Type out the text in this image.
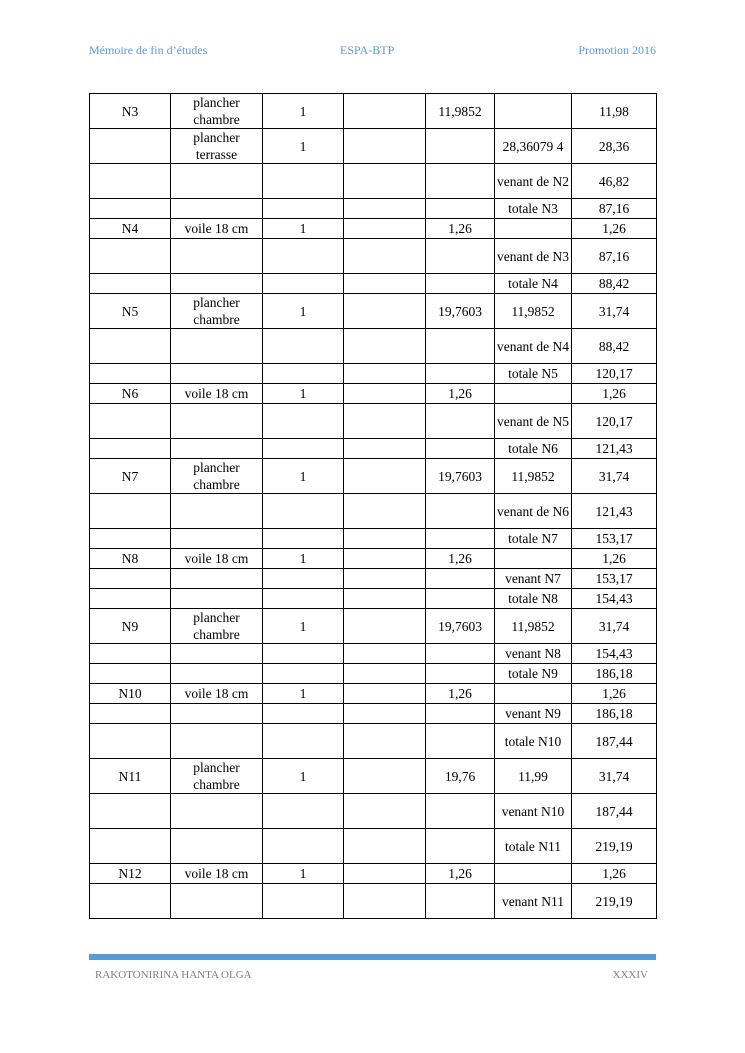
Mémoire de fin d’études	ESPA-BTP	Promotion 2016
N3	plancher chambre	1		11,9852		11,98
	plancher terrasse	1			28,36079 4	28,36
					venant de N2	46,82
					totale N3	87,16
N4	voile 18 cm	1		1,26		1,26
					venant de N3	87,16
					totale N4	88,42
N5	plancher chambre	1		19,7603	11,9852	31,74
					venant de N4	88,42
					totale N5	120,17
N6	voile 18 cm	1		1,26		1,26
					venant de N5	120,17
					totale N6	121,43
N7	plancher chambre	1		19,7603	11,9852	31,74
					venant de N6	121,43
					totale N7	153,17
N8	voile 18 cm	1		1,26		1,26
					venant N7	153,17
					totale N8	154,43
N9	plancher chambre	1		19,7603	11,9852	31,74
					venant N8	154,43
					totale N9	186,18
N10	voile 18 cm	1		1,26		1,26
					venant N9	186,18
					totale N10	187,44
N11	plancher chambre	1		19,76	11,99	31,74
					venant N10	187,44
					totale N11	219,19
N12	voile 18 cm	1		1,26		1,26
					venant N11	219,19
RAKOTONIRINA HANTA OLGA	XXXIV
